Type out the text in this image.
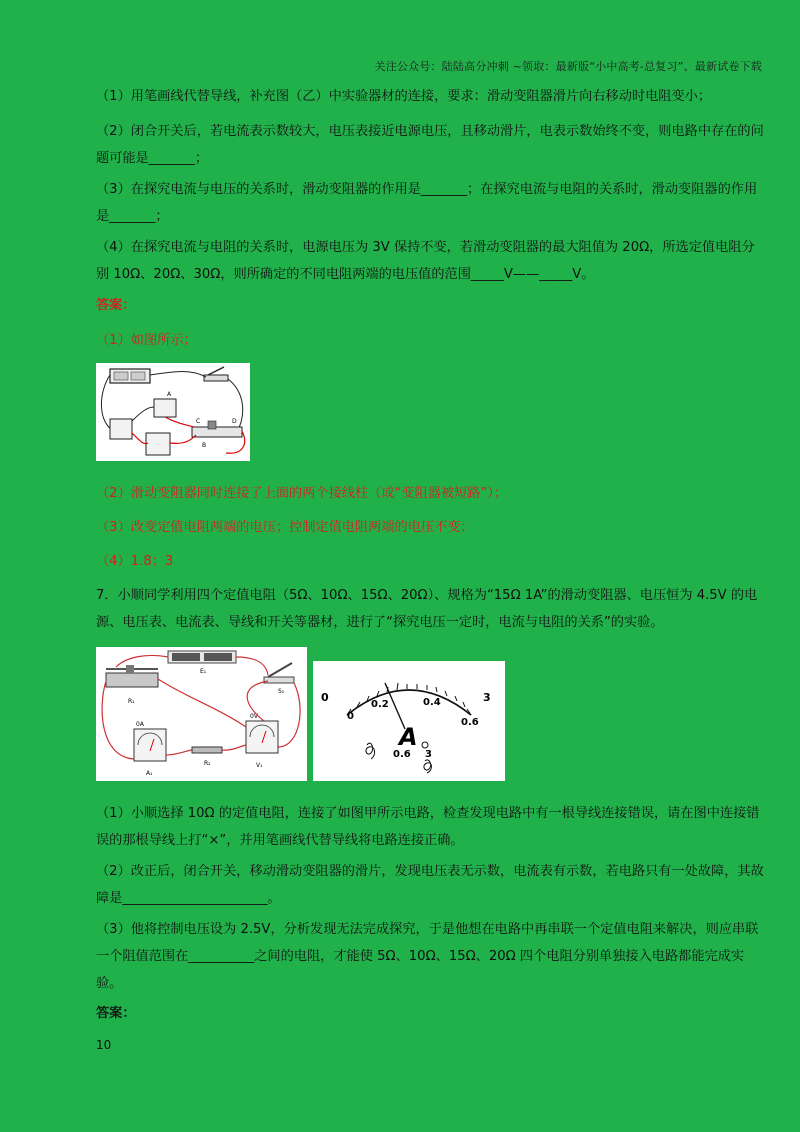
关注公众号：陆陆高分冲刺 ~领取：最新版“小中高考-总复习”、最新试卷下载
（1）用笔画线代替导线，补充图（乙）中实验器材的连接，要求：滑动变阻器滑片向右移动时电阻变小；
（2）闭合开关后，若电流表示数较大，电压表接近电源电压，且移动滑片，电表示数始终不变，则电路中存在的问题可能是_______；
（3）在探究电流与电压的关系时，滑动变阻器的作用是_______；在探究电流与电阻的关系时，滑动变阻器的作用是_______；
（4）在探究电流与电阻的关系时，电源电压为 3V 保持不变，若滑动变阻器的最大阻值为 20Ω，所选定值电阻分别 10Ω、20Ω、30Ω，则所确定的不同电阻两端的电压值的范围_____V——_____V。
答案：
（1）如图所示；
A
C	D
B
（2）滑动变阻器同时连接了上面的两个接线柱（或“变阻器被短路”）；
（3）改变定值电阻两端的电压；控制定值电阻两端的电压不变；
（4）1.8；3
7．小顺同学利用四个定值电阻（5Ω、10Ω、15Ω、20Ω）、规格为“15Ω 1A”的滑动变阻器、电压恒为 4.5V 的电源、电压表、电流表、导线和开关等器材，进行了“探究电压一定时，电流与电阻的关系”的实验。
E₁
R₁
S₁
0A
A₁
0V
V₁
R₂
0	3
0
0.2	0.4
0.6
A
0.6 3
（1）小顺选择 10Ω 的定值电阻，连接了如图甲所示电路，检查发现电路中有一根导线连接错误，请在图中连接错误的那根导线上打“×”，并用笔画线代替导线将电路连接正确。
（2）改正后，闭合开关，移动滑动变阻器的滑片，发现电压表无示数，电流表有示数，若电路只有一处故障，其故障是______________________。
（3）他将控制电压设为 2.5V，分析发现无法完成探究，于是他想在电路中再串联一个定值电阻来解决，则应串联一个阻值范围在__________之间的电阻，才能使 5Ω、10Ω、15Ω、20Ω 四个电阻分别单独接入电路都能完成实验。
答案：
10
